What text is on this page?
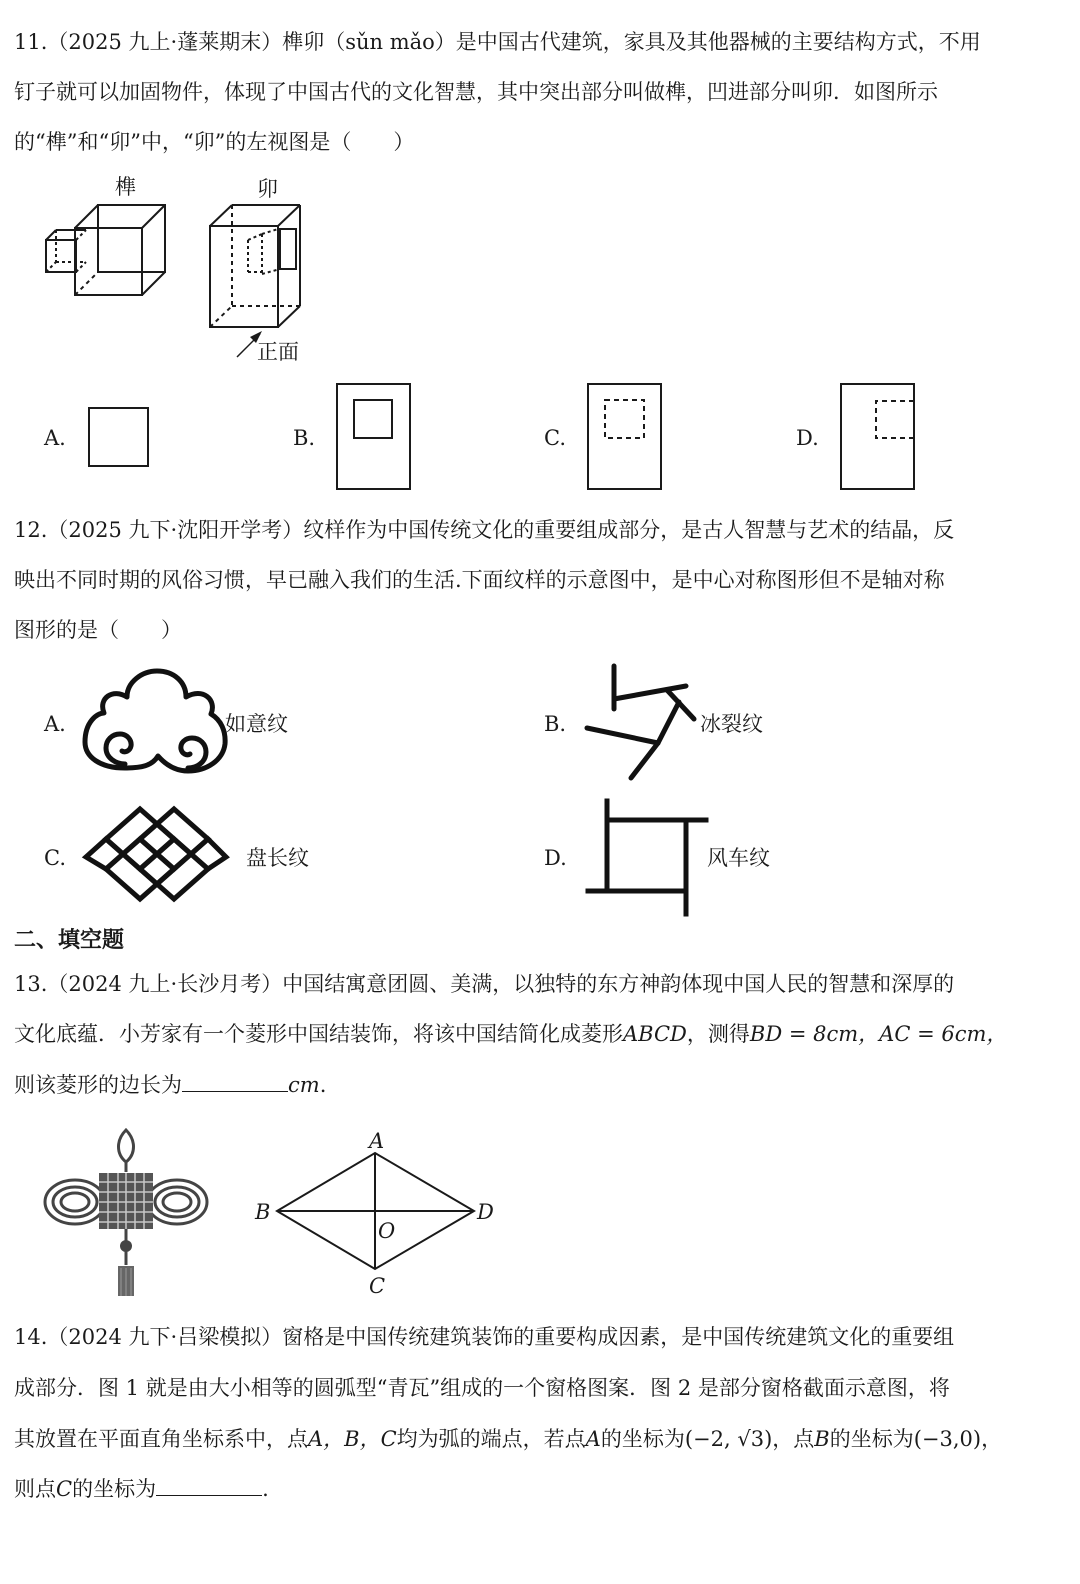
11.（2025 九上·蓬莱期末）榫卯（sǔn mǎo）是中国古代建筑，家具及其他器械的主要结构方式，不用
钉子就可以加固物件，体现了中国古代的文化智慧，其中突出部分叫做榫，凹进部分叫卯．如图所示
的“榫”和“卯”中，“卯”的左视图是（　　）
榫	卯
正面
A.	B.	C.	D.
12.（2025 九下·沈阳开学考）纹样作为中国传统文化的重要组成部分，是古人智慧与艺术的结晶，反
映出不同时期的风俗习惯，早已融入我们的生活.下面纹样的示意图中，是中心对称图形但不是轴对称
图形的是（　　）
A.	如意纹	B.	冰裂纹
C.	盘长纹	D.	风车纹
二、填空题
13.（2024 九上·长沙月考）中国结寓意团圆、美满，以独特的东方神韵体现中国人民的智慧和深厚的
文化底蕴．小芳家有一个菱形中国结装饰，将该中国结简化成菱形ABCD，测得BD = 8cm，AC = 6cm，
则该菱形的边长为	cm.
A
B
C
D
O
14.（2024 九下·吕梁模拟）窗格是中国传统建筑装饰的重要构成因素，是中国传统建筑文化的重要组
成部分．图 1 就是由大小相等的圆弧型“青瓦”组成的一个窗格图案．图 2 是部分窗格截面示意图，将
其放置在平面直角坐标系中，点A，B，C均为弧的端点，若点A的坐标为(−2, √3)，点B的坐标为(−3,0)，
则点C的坐标为	.
